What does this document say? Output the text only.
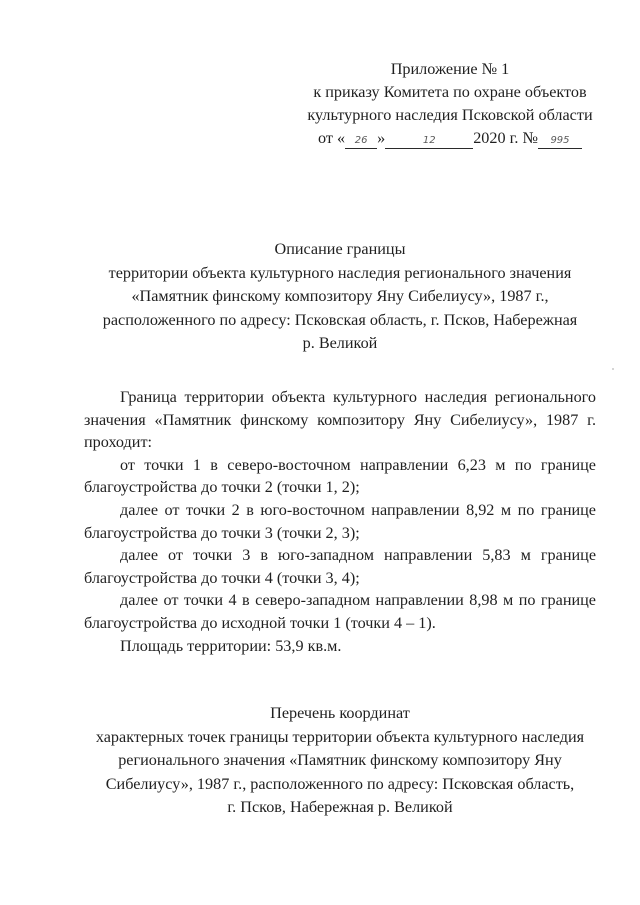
Приложение № 1
к приказу Комитета по охране объектов
культурного наследия Псковской области
от « 26 »	12 2020 г. № 995
Описание границы
территории объекта культурного наследия регионального значения
«Памятник финскому композитору Яну Сибелиусу», 1987 г.,
расположенного по адресу: Псковская область, г. Псков, Набережная
р. Великой

Граница территории объекта культурного наследия регионального значения «Памятник финскому композитору Яну Сибелиусу», 1987 г. проходит:

от точки 1 в северо-восточном направлении 6,23 м по границе благоустройства до точки 2 (точки 1, 2);

далее от точки 2 в юго-восточном направлении 8,92 м по границе благоустройства до точки 3 (точки 2, 3);

далее от точки 3 в юго-западном направлении 5,83 м границе благоустройства до точки 4 (точки 3, 4);

далее от точки 4 в северо-западном направлении 8,98 м по границе благоустройства до исходной точки 1 (точки 4 – 1).

Площадь территории: 53,9 кв.м.

Перечень координат
характерных точек границы территории объекта культурного наследия
регионального значения «Памятник финскому композитору Яну
Сибелиусу», 1987 г., расположенного по адресу: Псковская область,
г. Псков, Набережная р. Великой
